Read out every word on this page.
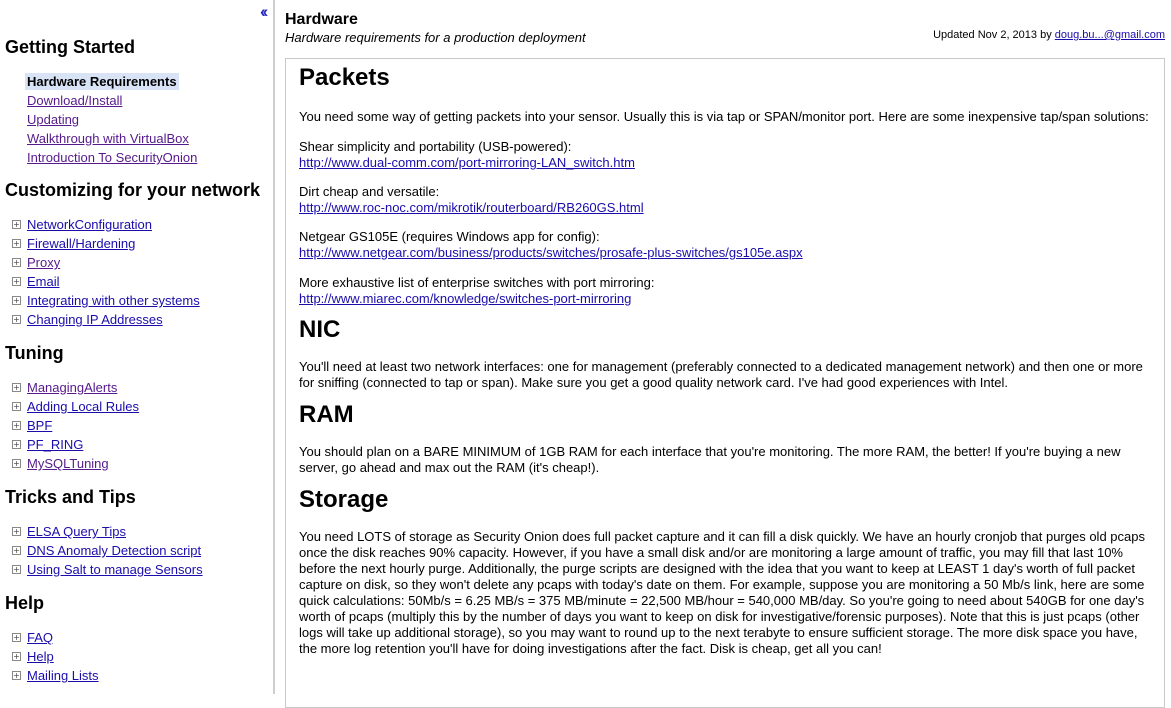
‹‹
Getting Started
Hardware Requirements
Download/Install
Updating
Walkthrough with VirtualBox
Introduction To SecurityOnion
Customizing for your network
+ NetworkConfiguration
+ Firewall/Hardening
+ Proxy
+ Email
+ Integrating with other systems
+ Changing IP Addresses
Tuning
+ ManagingAlerts
+ Adding Local Rules
+ BPF
+ PF_RING
+ MySQLTuning
Tricks and Tips
+ ELSA Query Tips
+ DNS Anomaly Detection script
+ Using Salt to manage Sensors
Help
+ FAQ
+ Help
+ Mailing Lists
Hardware
Hardware requirements for a production deployment	Updated Nov 2, 2013 by doug.bu...@gmail.com
Packets

You need some way of getting packets into your sensor. Usually this is via tap or SPAN/monitor port. Here are some inexpensive tap/span solutions:

Shear simplicity and portability (USB-powered):

http://www.dual-comm.com/port-mirroring-LAN_switch.htm

Dirt cheap and versatile:

http://www.roc-noc.com/mikrotik/routerboard/RB260GS.html

Netgear GS105E (requires Windows app for config):

http://www.netgear.com/business/products/switches/prosafe-plus-switches/gs105e.aspx

More exhaustive list of enterprise switches with port mirroring:

http://www.miarec.com/knowledge/switches-port-mirroring

NIC

You'll need at least two network interfaces: one for management (preferably connected to a dedicated management network) and then one or more for sniffing (connected to tap or span). Make sure you get a good quality network card. I've had good experiences with Intel.

RAM

You should plan on a BARE MINIMUM of 1GB RAM for each interface that you're monitoring. The more RAM, the better! If you're buying a new server, go ahead and max out the RAM (it's cheap!).

Storage

You need LOTS of storage as Security Onion does full packet capture and it can fill a disk quickly. We have an hourly cronjob that purges old pcaps once the disk reaches 90% capacity. However, if you have a small disk and/or are monitoring a large amount of traffic, you may fill that last 10% before the next hourly purge. Additionally, the purge scripts are designed with the idea that you want to keep at LEAST 1 day's worth of full packet capture on disk, so they won't delete any pcaps with today's date on them. For example, suppose you are monitoring a 50 Mb/s link, here are some quick calculations: 50Mb/s = 6.25 MB/s = 375 MB/minute = 22,500 MB/hour = 540,000 MB/day. So you're going to need about 540GB for one day's worth of pcaps (multiply this by the number of days you want to keep on disk for investigative/forensic purposes). Note that this is just pcaps (other logs will take up additional storage), so you may want to round up to the next terabyte to ensure sufficient storage. The more disk space you have, the more log retention you'll have for doing investigations after the fact. Disk is cheap, get all you can!
